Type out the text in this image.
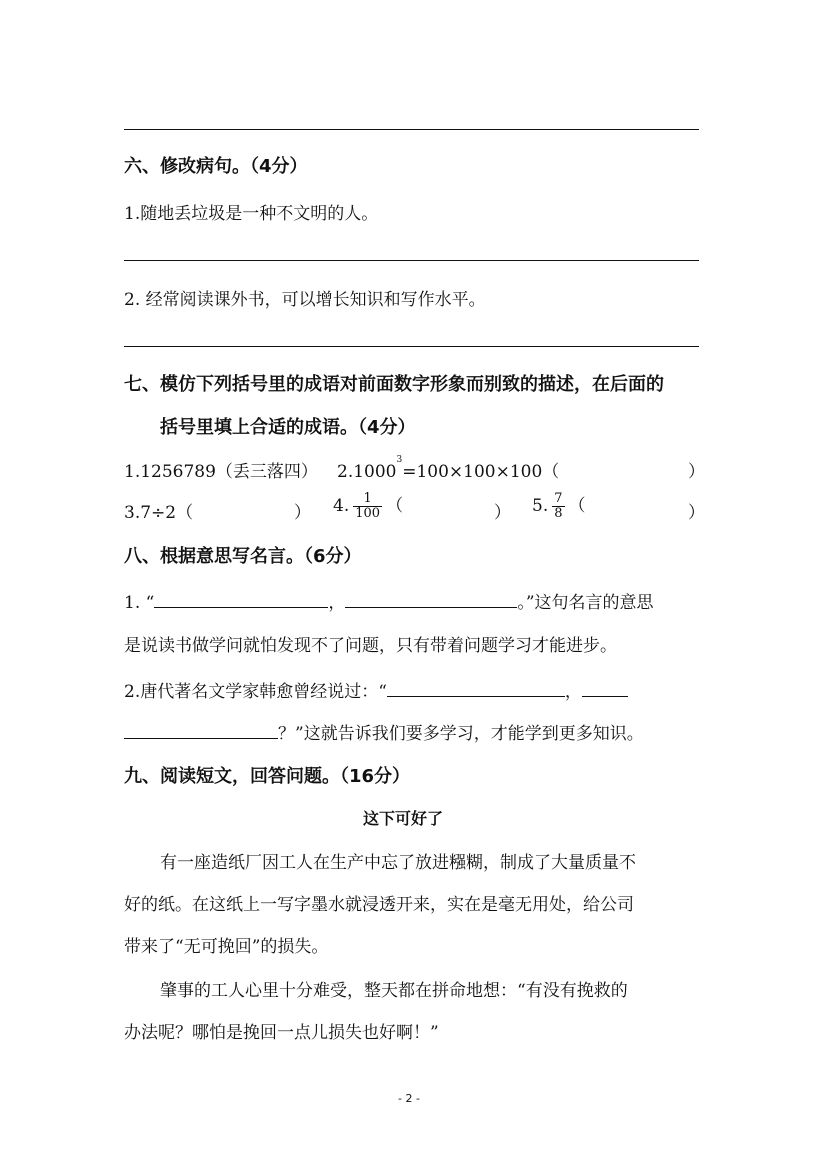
六、修改病句。（4分）
1.随地丢垃圾是一种不文明的人。
2. 经常阅读课外书，可以增长知识和写作水平。
七、模仿下列括号里的成语对前面数字形象而别致的描述，在后面的
括号里填上合适的成语。（4分）
1.1256789（丢三落四） $2.1000^3=100\times 100\times 100$（	）
3.7÷2（	） 4. $\frac{1}{100}$ （	） 5. $\frac{7}{8}$ （	）
八、根据意思写名言。（6分）
1. “	，	。”这句名言的意思
是说读书做学问就怕发现不了问题，只有带着问题学习才能进步。
2.唐代著名文学家韩愈曾经说过：“	，
？”这就告诉我们要多学习，才能学到更多知识。
九、阅读短文，回答问题。（16分）
这下可好了
有一座造纸厂因工人在生产中忘了放进糨糊，制成了大量质量不
好的纸。在这纸上一写字墨水就浸透开来，实在是毫无用处，给公司
带来了“无可挽回”的损失。
肇事的工人心里十分难受，整天都在拼命地想：“有没有挽救的
办法呢？哪怕是挽回一点儿损失也好啊！”
- 2 -
